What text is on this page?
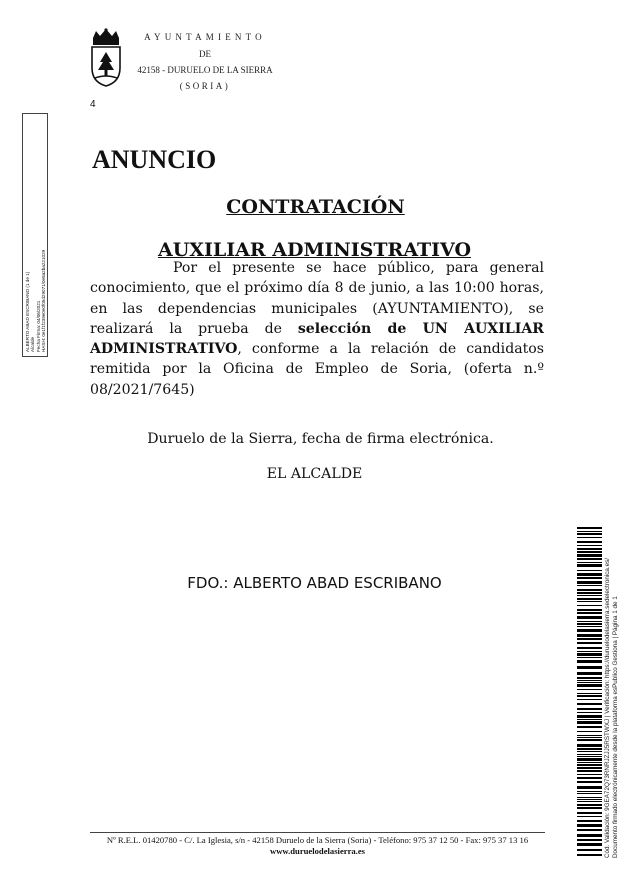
AYUNTAMIENTO
DE
42158 - DURUELO DE LA SIERRA
(SORIA)
4
ALBERTO ABAD ESCRIBANO (1 de 1) Alcalde Fecha Firma: 04/06/2021 HASH: 0e1f1f239e0e0f05d29071/0e8a2ba221029
ANUNCIO
CONTRATACIÓN
AUXILIAR ADMINISTRATIVO

Por el presente se hace público, para general conocimiento, que el próximo día 8 de junio, a las 10:00 horas, en las dependencias municipales (AYUNTAMIENTO), se realizará la prueba de selección de UN AUXILIAR ADMINISTRATIVO, conforme a la relación de candidatos remitida por la Oficina de Empleo de Soria, (oferta n.º 08/2021/7645)

Duruelo de la Sierra, fecha de firma electrónica.
EL ALCALDE
FDO.: ALBERTO ABAD ESCRIBANO	Cód. Validación: 9GEA72Q73RNRJZJJ5RSTWXJ | Verificación: https://duruelodelasierra.sedelectronica.es/ Documento firmado electrónicamente desde la plataforma esPublico Gestiona | Página 1 de 1
Nº R.E.L. 01420780 - C/. La Iglesia, s/n - 42158 Duruelo de la Sierra (Soria) - Teléfono: 975 37 12 50 - Fax: 975 37 13 16
www.duruelodelasierra.es
